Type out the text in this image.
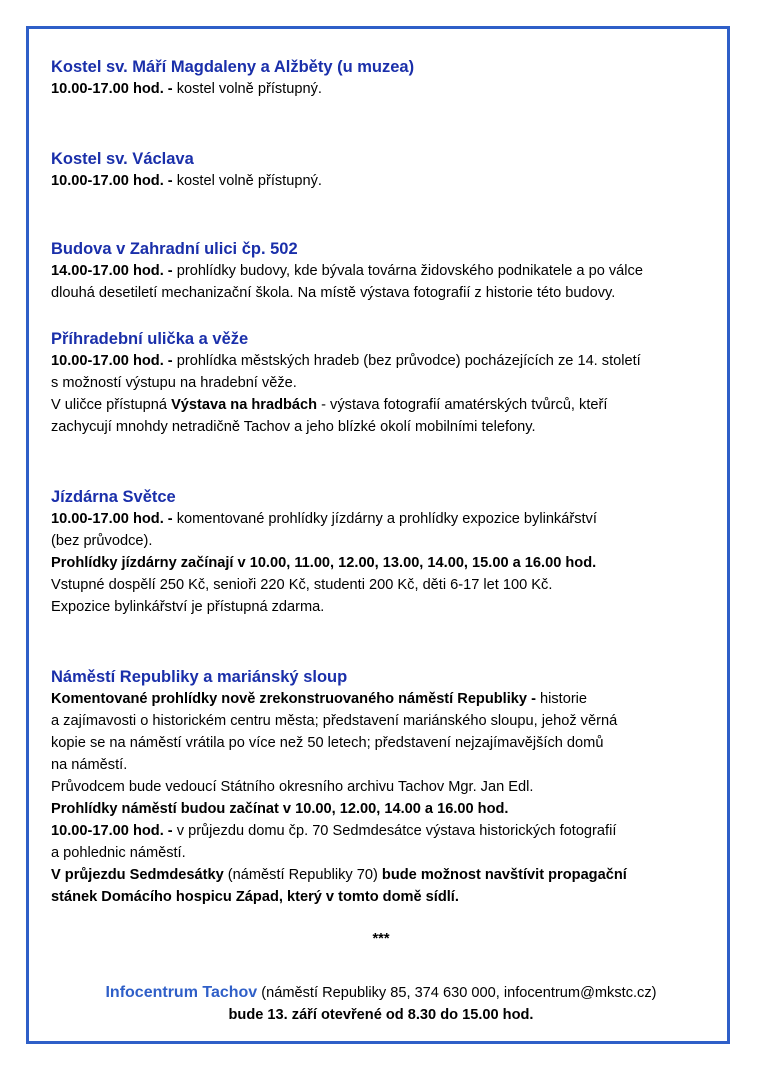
Kostel sv. Máří Magdaleny a Alžběty (u muzea)
10.00-17.00 hod. - kostel volně přístupný.
Kostel sv. Václava
10.00-17.00 hod. - kostel volně přístupný.
Budova v Zahradní ulici čp. 502
14.00-17.00 hod. - prohlídky budovy, kde bývala továrna židovského podnikatele a po válce
dlouhá desetiletí mechanizační škola. Na místě výstava fotografií z historie této budovy.
Příhradební ulička a věže
10.00-17.00 hod. - prohlídka městských hradeb (bez průvodce) pocházejících ze 14. století
s možností výstupu na hradební věže.
V uličce přístupná Výstava na hradbách - výstava fotografií amatérských tvůrců, kteří
zachycují mnohdy netradičně Tachov a jeho blízké okolí mobilními telefony.
Jízdárna Světce
10.00-17.00 hod. - komentované prohlídky jízdárny a prohlídky expozice bylinkářství
(bez průvodce).
Prohlídky jízdárny začínají v 10.00, 11.00, 12.00, 13.00, 14.00, 15.00 a 16.00 hod.
Vstupné dospělí 250 Kč, senioři 220 Kč, studenti 200 Kč, děti 6-17 let 100 Kč.
Expozice bylinkářství je přístupná zdarma.
Náměstí Republiky a mariánský sloup
Komentované prohlídky nově zrekonstruovaného náměstí Republiky - historie
a zajímavosti o historickém centru města; představení mariánského sloupu, jehož věrná
kopie se na náměstí vrátila po více než 50 letech; představení nejzajímavějších domů
na náměstí.
Průvodcem bude vedoucí Státního okresního archivu Tachov Mgr. Jan Edl.
Prohlídky náměstí budou začínat v 10.00, 12.00, 14.00 a 16.00 hod.
10.00-17.00 hod. - v průjezdu domu čp. 70 Sedmdesátce výstava historických fotografií
a pohlednic náměstí.
V průjezdu Sedmdesátky (náměstí Republiky 70) bude možnost navštívit propagační
stánek Domácího hospicu Západ, který v tomto domě sídlí.
***
Infocentrum Tachov (náměstí Republiky 85, 374 630 000, infocentrum@mkstc.cz)
bude 13. září otevřené od 8.30 do 15.00 hod.
